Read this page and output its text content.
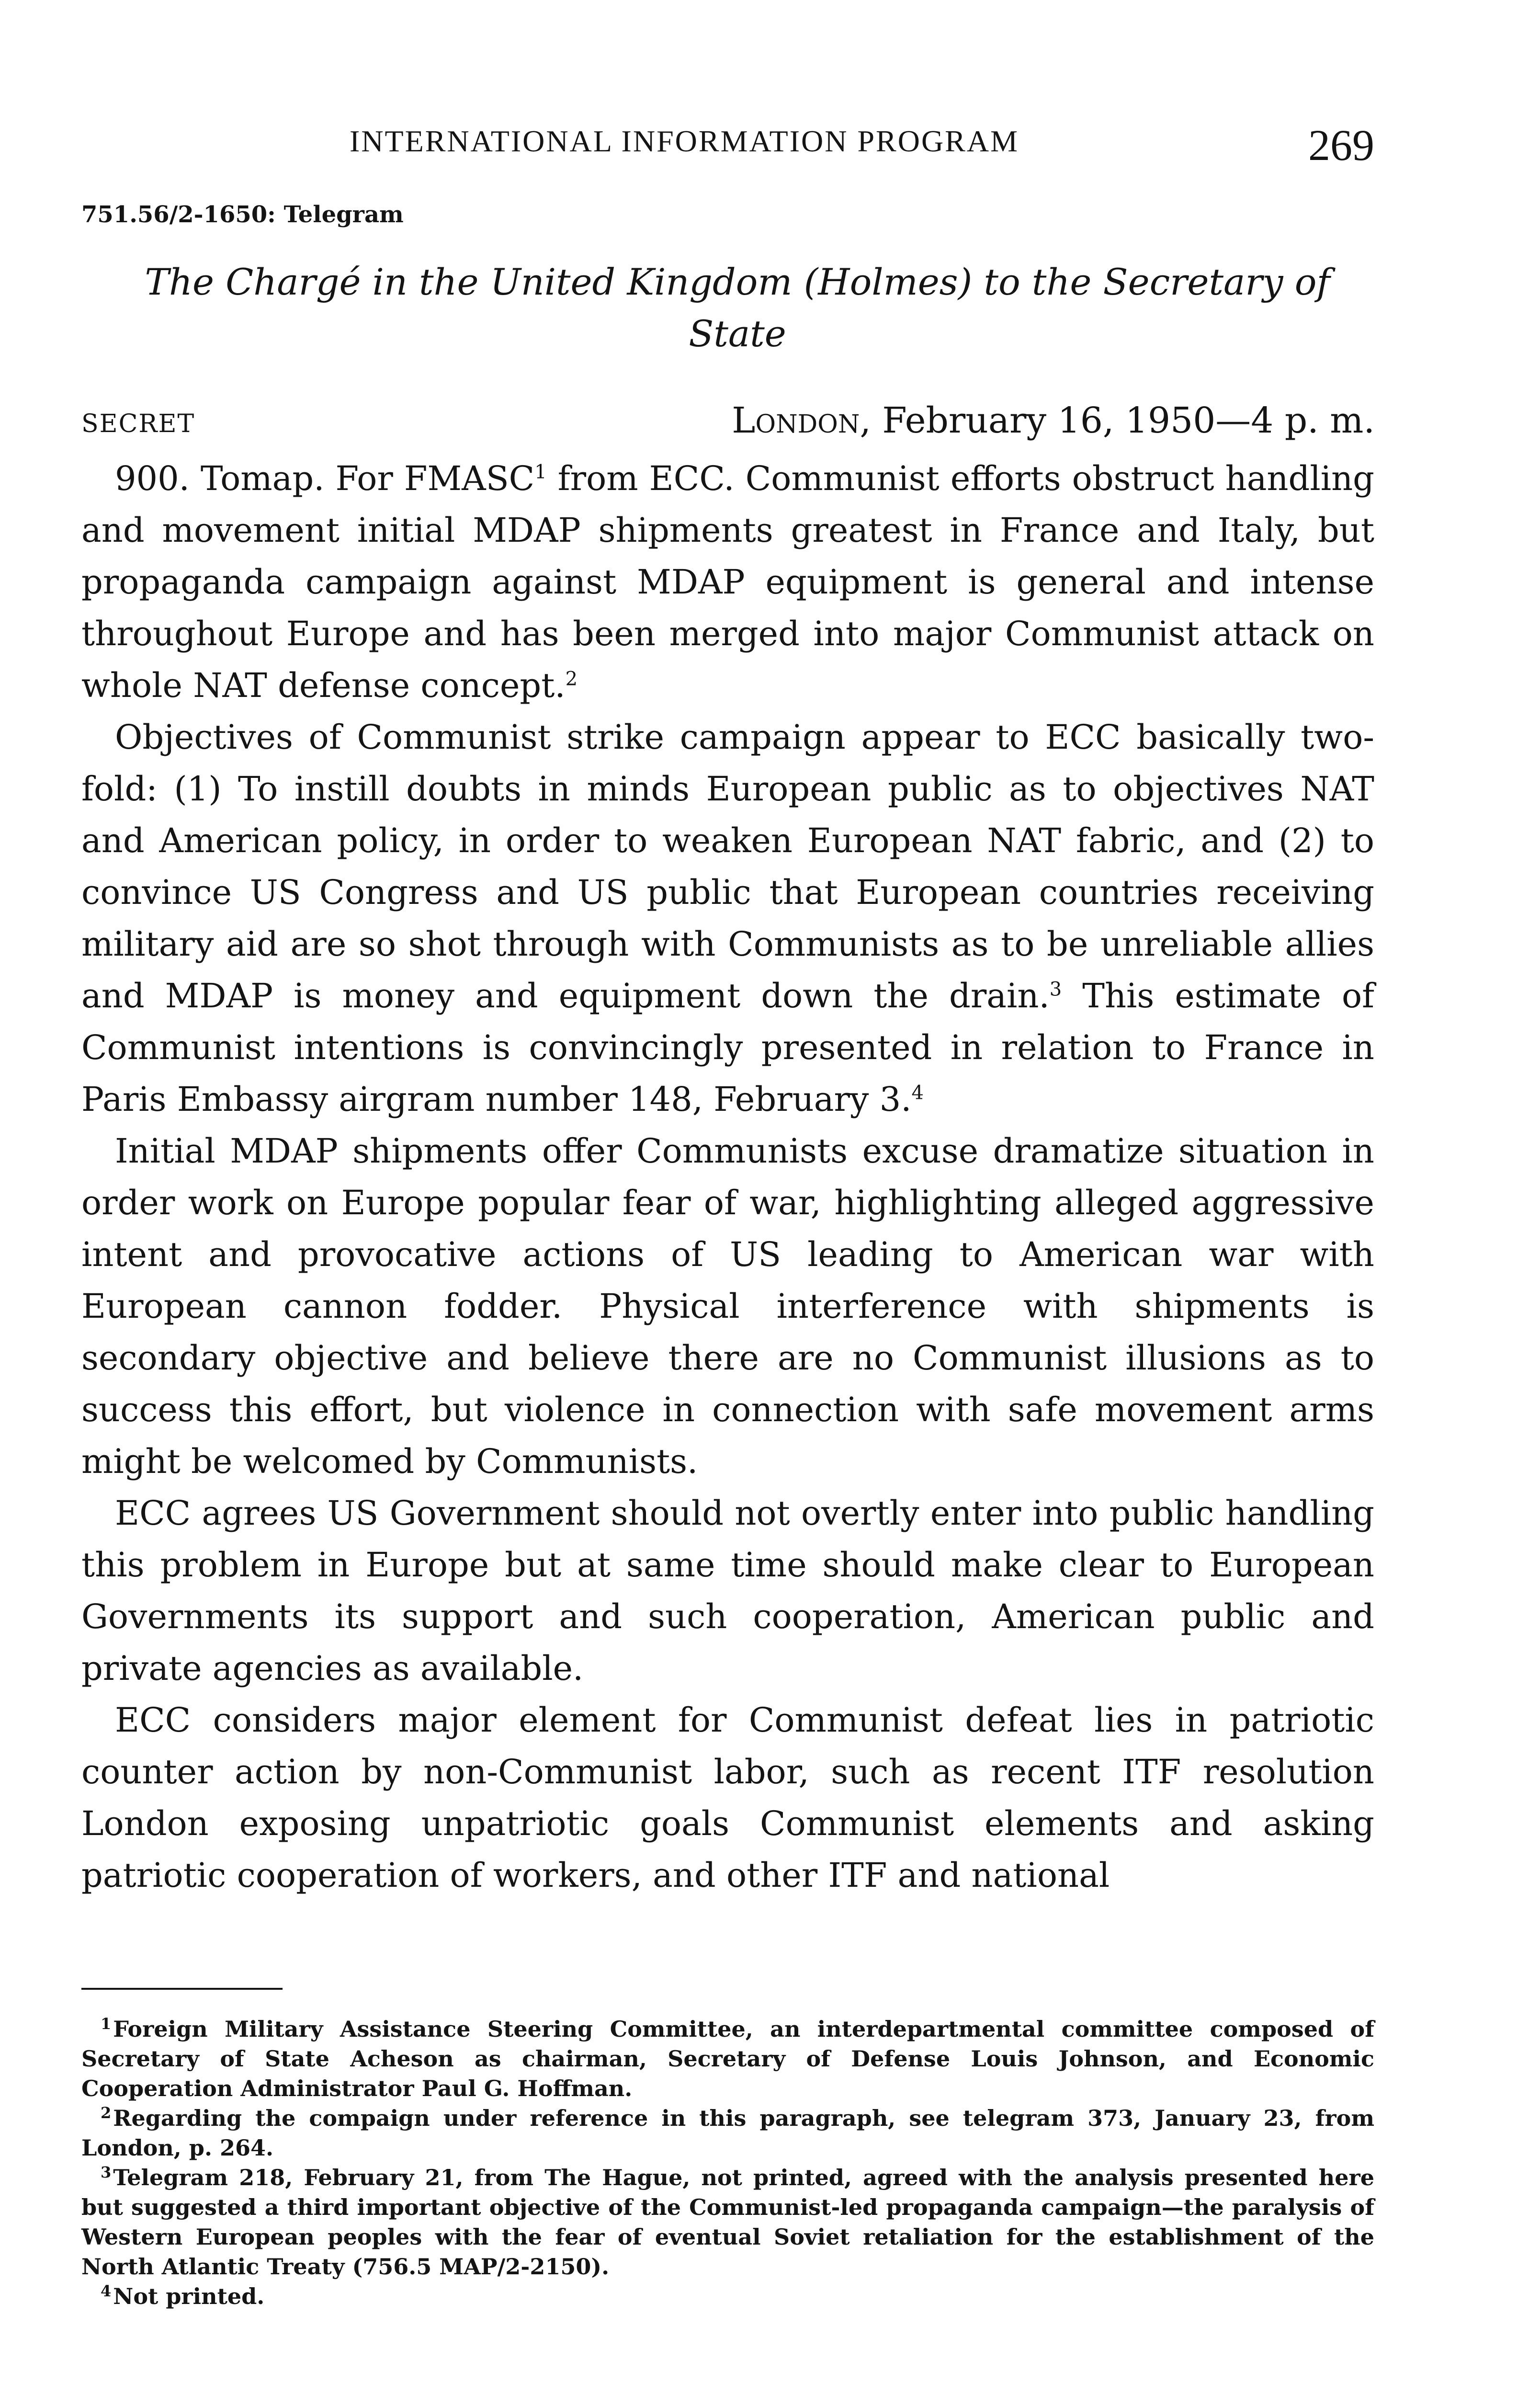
INTERNATIONAL INFORMATION PROGRAM	269
751.56/2-1650: Telegram
The Chargé in the United Kingdom (Holmes) to the Secretary of State
SECRET	London, February 16, 1950—4 p. m.

900. Tomap. For FMASC$^1$ from ECC. Communist efforts obstruct handling and movement initial MDAP shipments greatest in France and Italy, but propaganda campaign against MDAP equipment is general and intense throughout Europe and has been merged into major Communist attack on whole NAT defense concept.$^2$

Objectives of Communist strike campaign appear to ECC basically two-fold: (1) To instill doubts in minds European public as to objectives NAT and American policy, in order to weaken European NAT fabric, and (2) to convince US Congress and US public that European countries receiving military aid are so shot through with Communists as to be unreliable allies and MDAP is money and equipment down the drain.$^3$ This estimate of Communist intentions is convincingly presented in relation to France in Paris Embassy airgram number 148, February 3.$^4$

Initial MDAP shipments offer Communists excuse dramatize situation in order work on Europe popular fear of war, highlighting alleged aggressive intent and provocative actions of US leading to American war with European cannon fodder. Physical interference with shipments is secondary objective and believe there are no Communist illusions as to success this effort, but violence in connection with safe movement arms might be welcomed by Communists.

ECC agrees US Government should not overtly enter into public handling this problem in Europe but at same time should make clear to European Governments its support and such cooperation, American public and private agencies as available.

ECC considers major element for Communist defeat lies in patriotic counter action by non-Communist labor, such as recent ITF resolution London exposing unpatriotic goals Communist elements and asking patriotic cooperation of workers, and other ITF and national

$^1$Foreign Military Assistance Steering Committee, an interdepartmental committee composed of Secretary of State Acheson as chairman, Secretary of Defense Louis Johnson, and Economic Cooperation Administrator Paul G. Hoffman.

$^2$Regarding the compaign under reference in this paragraph, see telegram 373, January 23, from London, p. 264.

$^3$Telegram 218, February 21, from The Hague, not printed, agreed with the analysis presented here but suggested a third important objective of the Communist-led propaganda campaign—the paralysis of Western European peoples with the fear of eventual Soviet retaliation for the establishment of the North Atlantic Treaty (756.5 MAP/2-2150).

$^4$Not printed.
